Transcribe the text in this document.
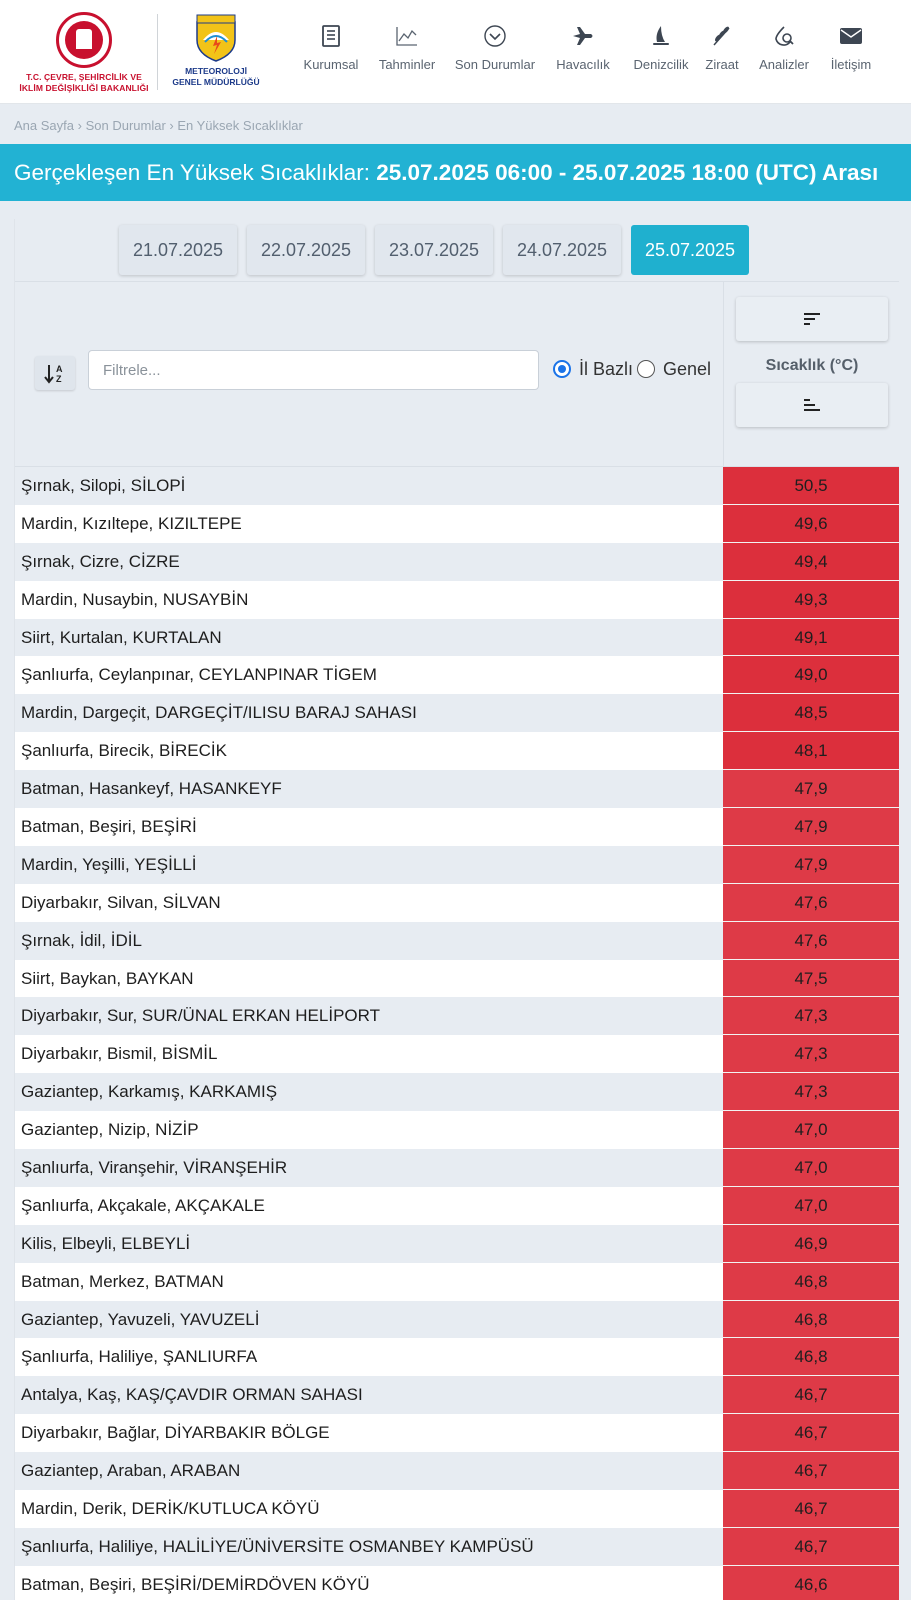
T.C. ÇEVRE, ŞEHİRCİLİK VE
İKLİM DEĞİŞİKLİĞİ BAKANLIĞI
METEOROLOJİ
GENEL MÜDÜRLÜĞÜ
Kurumsal	Tahminler	Son Durumlar	Havacılık	Denizcilik	Ziraat	Analizler	İletişim
Ana Sayfa › Son Durumlar › En Yüksek Sıcaklıklar
Gerçekleşen En Yüksek Sıcaklıklar: 25.07.2025 06:00 - 25.07.2025 18:00 (UTC) Arası
21.07.2025	22.07.2025	23.07.2025	24.07.2025	25.07.2025
A
Z
Filtrele...
İl Bazlı Genel	Sıcaklık (°C)
Şırnak, Silopi, SİLOPİ	50,5
Mardin, Kızıltepe, KIZILTEPE	49,6
Şırnak, Cizre, CİZRE	49,4
Mardin, Nusaybin, NUSAYBİN	49,3
Siirt, Kurtalan, KURTALAN	49,1
Şanlıurfa, Ceylanpınar, CEYLANPINAR TİGEM	49,0
Mardin, Dargeçit, DARGEÇİT/ILISU BARAJ SAHASI	48,5
Şanlıurfa, Birecik, BİRECİK	48,1
Batman, Hasankeyf, HASANKEYF	47,9
Batman, Beşiri, BEŞİRİ	47,9
Mardin, Yeşilli, YEŞİLLİ	47,9
Diyarbakır, Silvan, SİLVAN	47,6
Şırnak, İdil, İDİL	47,6
Siirt, Baykan, BAYKAN	47,5
Diyarbakır, Sur, SUR/ÜNAL ERKAN HELİPORT	47,3
Diyarbakır, Bismil, BİSMİL	47,3
Gaziantep, Karkamış, KARKAMIŞ	47,3
Gaziantep, Nizip, NİZİP	47,0
Şanlıurfa, Viranşehir, VİRANŞEHİR	47,0
Şanlıurfa, Akçakale, AKÇAKALE	47,0
Kilis, Elbeyli, ELBEYLİ	46,9
Batman, Merkez, BATMAN	46,8
Gaziantep, Yavuzeli, YAVUZELİ	46,8
Şanlıurfa, Haliliye, ŞANLIURFA	46,8
Antalya, Kaş, KAŞ/ÇAVDIR ORMAN SAHASI	46,7
Diyarbakır, Bağlar, DİYARBAKIR BÖLGE	46,7
Gaziantep, Araban, ARABAN	46,7
Mardin, Derik, DERİK/KUTLUCA KÖYÜ	46,7
Şanlıurfa, Haliliye, HALİLİYE/ÜNİVERSİTE OSMANBEY KAMPÜSÜ	46,7
Batman, Beşiri, BEŞİRİ/DEMİRDÖVEN KÖYÜ	46,6
